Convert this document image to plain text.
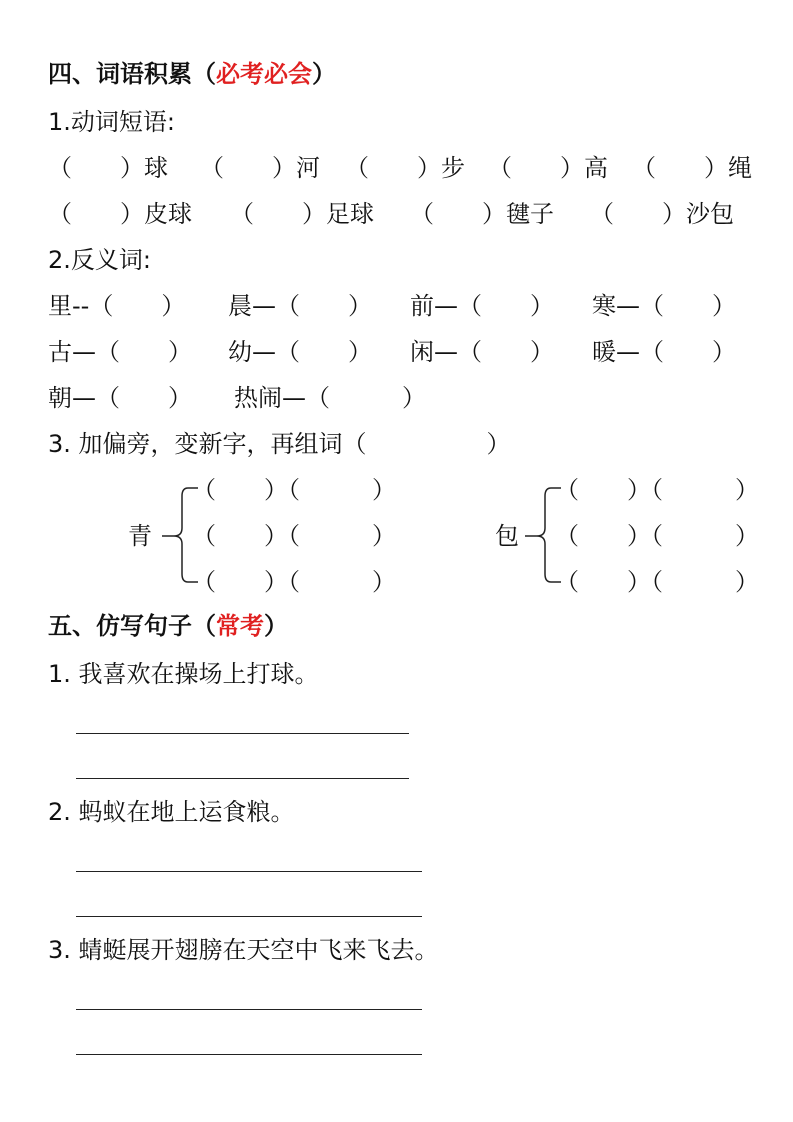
四、词语积累（必考必会）
1.动词短语:
（　　）球 （　　）河 （　　）步 （　　）高 （　　）绳
（　　）皮球 （　　）足球 （　　）毽子 （　　）沙包
2.反义词:
里--（　　） 晨—（　　） 前—（　　） 寒—（　　）
古—（　　） 幼—（　　） 闲—（　　） 暖—（　　）
朝—（　　） 热闹—（　　　）
3. 加偏旁，变新字，再组词（　　　　　）
青
（　　）（　　　）
（　　）（　　　）
（　　）（　　　）
包
（　　）（　　　）
（　　）（　　　）
（　　）（　　　）
五、仿写句子（常考）
1. 我喜欢在操场上打球。
2. 蚂蚁在地上运食粮。
3. 蜻蜓展开翅膀在天空中飞来飞去。
